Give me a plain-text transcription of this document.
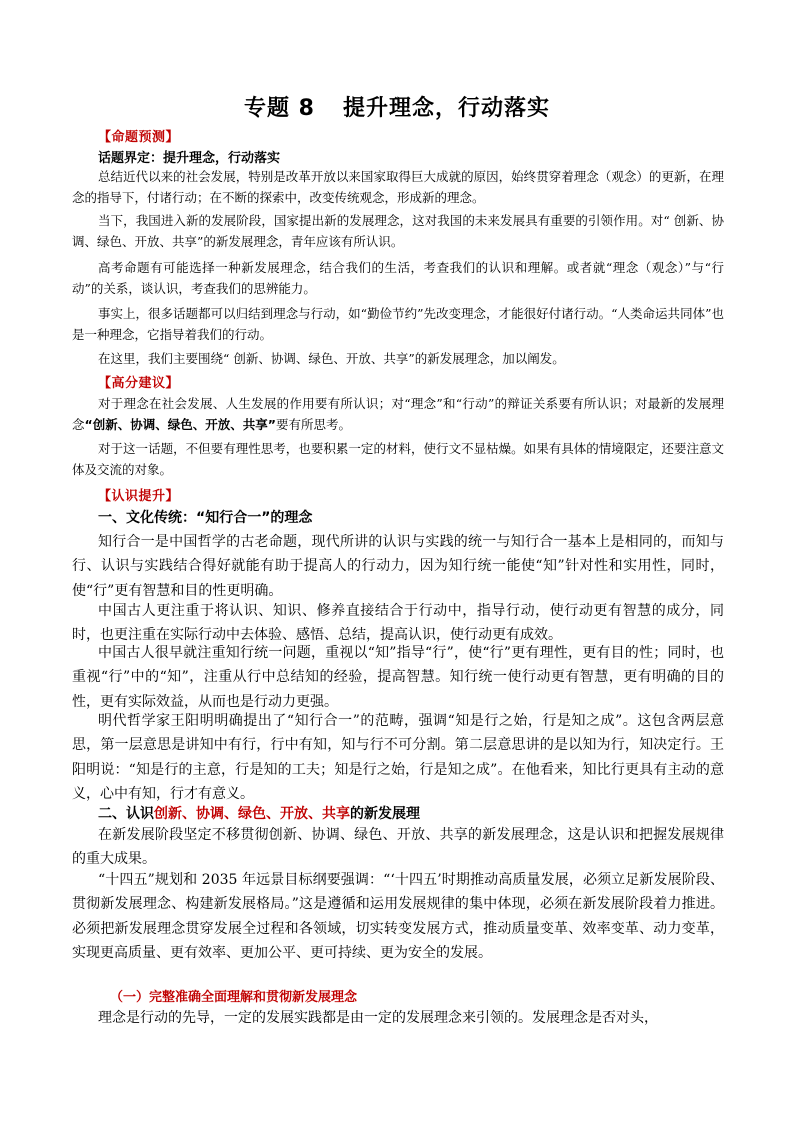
专题 8 提升理念，行动落实
【命题预测】
话题界定：提升理念，行动落实
总结近代以来的社会发展，特别是改革开放以来国家取得巨大成就的原因，始终贯穿着理念（观念）的更新，在理念的指导下，付诸行动；在不断的探索中，改变传统观念，形成新的理念。
当下，我国进入新的发展阶段，国家提出新的发展理念，这对我国的未来发展具有重要的引领作用。对“ 创新、协调、绿色、开放、共享”的新发展理念，青年应该有所认识。
高考命题有可能选择一种新发展理念，结合我们的生活，考查我们的认识和理解。或者就“理念（观念）”与“行动”的关系，谈认识，考查我们的思辨能力。
事实上，很多话题都可以归结到理念与行动，如“勤俭节约”先改变理念，才能很好付诸行动。“人类命运共同体”也是一种理念，它指导着我们的行动。
在这里，我们主要围绕“ 创新、协调、绿色、开放、共享”的新发展理念，加以阐发。
【高分建议】
对于理念在社会发展、人生发展的作用要有所认识；对“理念”和“行动”的辩证关系要有所认识；对最新的发展理念“创新、协调、绿色、开放、共享”要有所思考。
对于这一话题，不但要有理性思考，也要积累一定的材料，使行文不显枯燥。如果有具体的情境限定，还要注意文体及交流的对象。
【认识提升】
一、文化传统：“知行合一”的理念
知行合一是中国哲学的古老命题，现代所讲的认识与实践的统一与知行合一基本上是相同的，而知与行、认识与实践结合得好就能有助于提高人的行动力，因为知行统一能使“知”针对性和实用性，同时，使“行”更有智慧和目的性更明确。
中国古人更注重于将认识、知识、修养直接结合于行动中，指导行动，使行动更有智慧的成分，同时，也更注重在实际行动中去体验、感悟、总结，提高认识，使行动更有成效。
中国古人很早就注重知行统一问题，重视以“知”指导“行”，使“行”更有理性，更有目的性；同时，也重视“行”中的“知”，注重从行中总结知的经验，提高智慧。知行统一使行动更有智慧，更有明确的目的性，更有实际效益，从而也是行动力更强。
明代哲学家王阳明明确提出了“知行合一”的范畴，强调“知是行之始，行是知之成”。这包含两层意思，第一层意思是讲知中有行，行中有知，知与行不可分割。第二层意思讲的是以知为行，知决定行。王阳明说：“知是行的主意，行是知的工夫；知是行之始，行是知之成”。在他看来，知比行更具有主动的意义，心中有知，行才有意义。
二、认识创新、协调、绿色、开放、共享的新发展理
在新发展阶段坚定不移贯彻创新、协调、绿色、开放、共享的新发展理念，这是认识和把握发展规律的重大成果。
“十四五”规划和 2035 年远景目标纲要强调：“‘十四五’时期推动高质量发展，必须立足新发展阶段、贯彻新发展理念、构建新发展格局。”这是遵循和运用发展规律的集中体现，必须在新发展阶段着力推进。必须把新发展理念贯穿发展全过程和各领域，切实转变发展方式，推动质量变革、效率变革、动力变革，实现更高质量、更有效率、更加公平、更可持续、更为安全的发展。
（一）完整准确全面理解和贯彻新发展理念
理念是行动的先导，一定的发展实践都是由一定的发展理念来引领的。发展理念是否对头，
